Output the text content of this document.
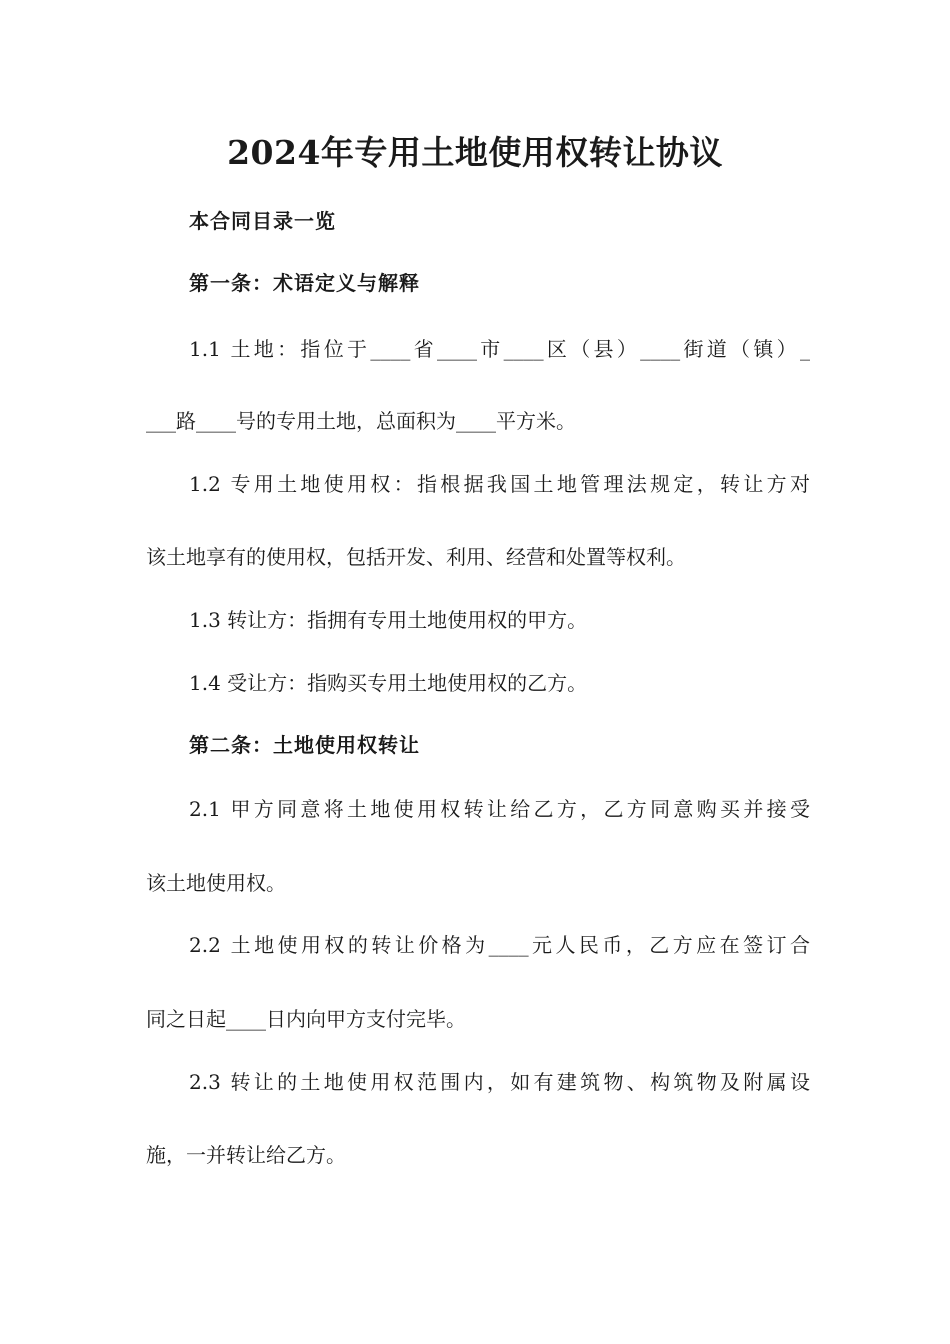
2024年专用土地使用权转让协议

本合同目录一览

第一条：术语定义与解释

1.1 土地：指位于____省____市____区（县）____街道（镇）_

___路____号的专用土地，总面积为____平方米。

1.2 专用土地使用权：指根据我国土地管理法规定，转让方对

该土地享有的使用权，包括开发、利用、经营和处置等权利。

1.3 转让方：指拥有专用土地使用权的甲方。

1.4 受让方：指购买专用土地使用权的乙方。

第二条：土地使用权转让

2.1 甲方同意将土地使用权转让给乙方，乙方同意购买并接受

该土地使用权。

2.2 土地使用权的转让价格为____元人民币，乙方应在签订合

同之日起____日内向甲方支付完毕。

2.3 转让的土地使用权范围内，如有建筑物、构筑物及附属设

施，一并转让给乙方。
